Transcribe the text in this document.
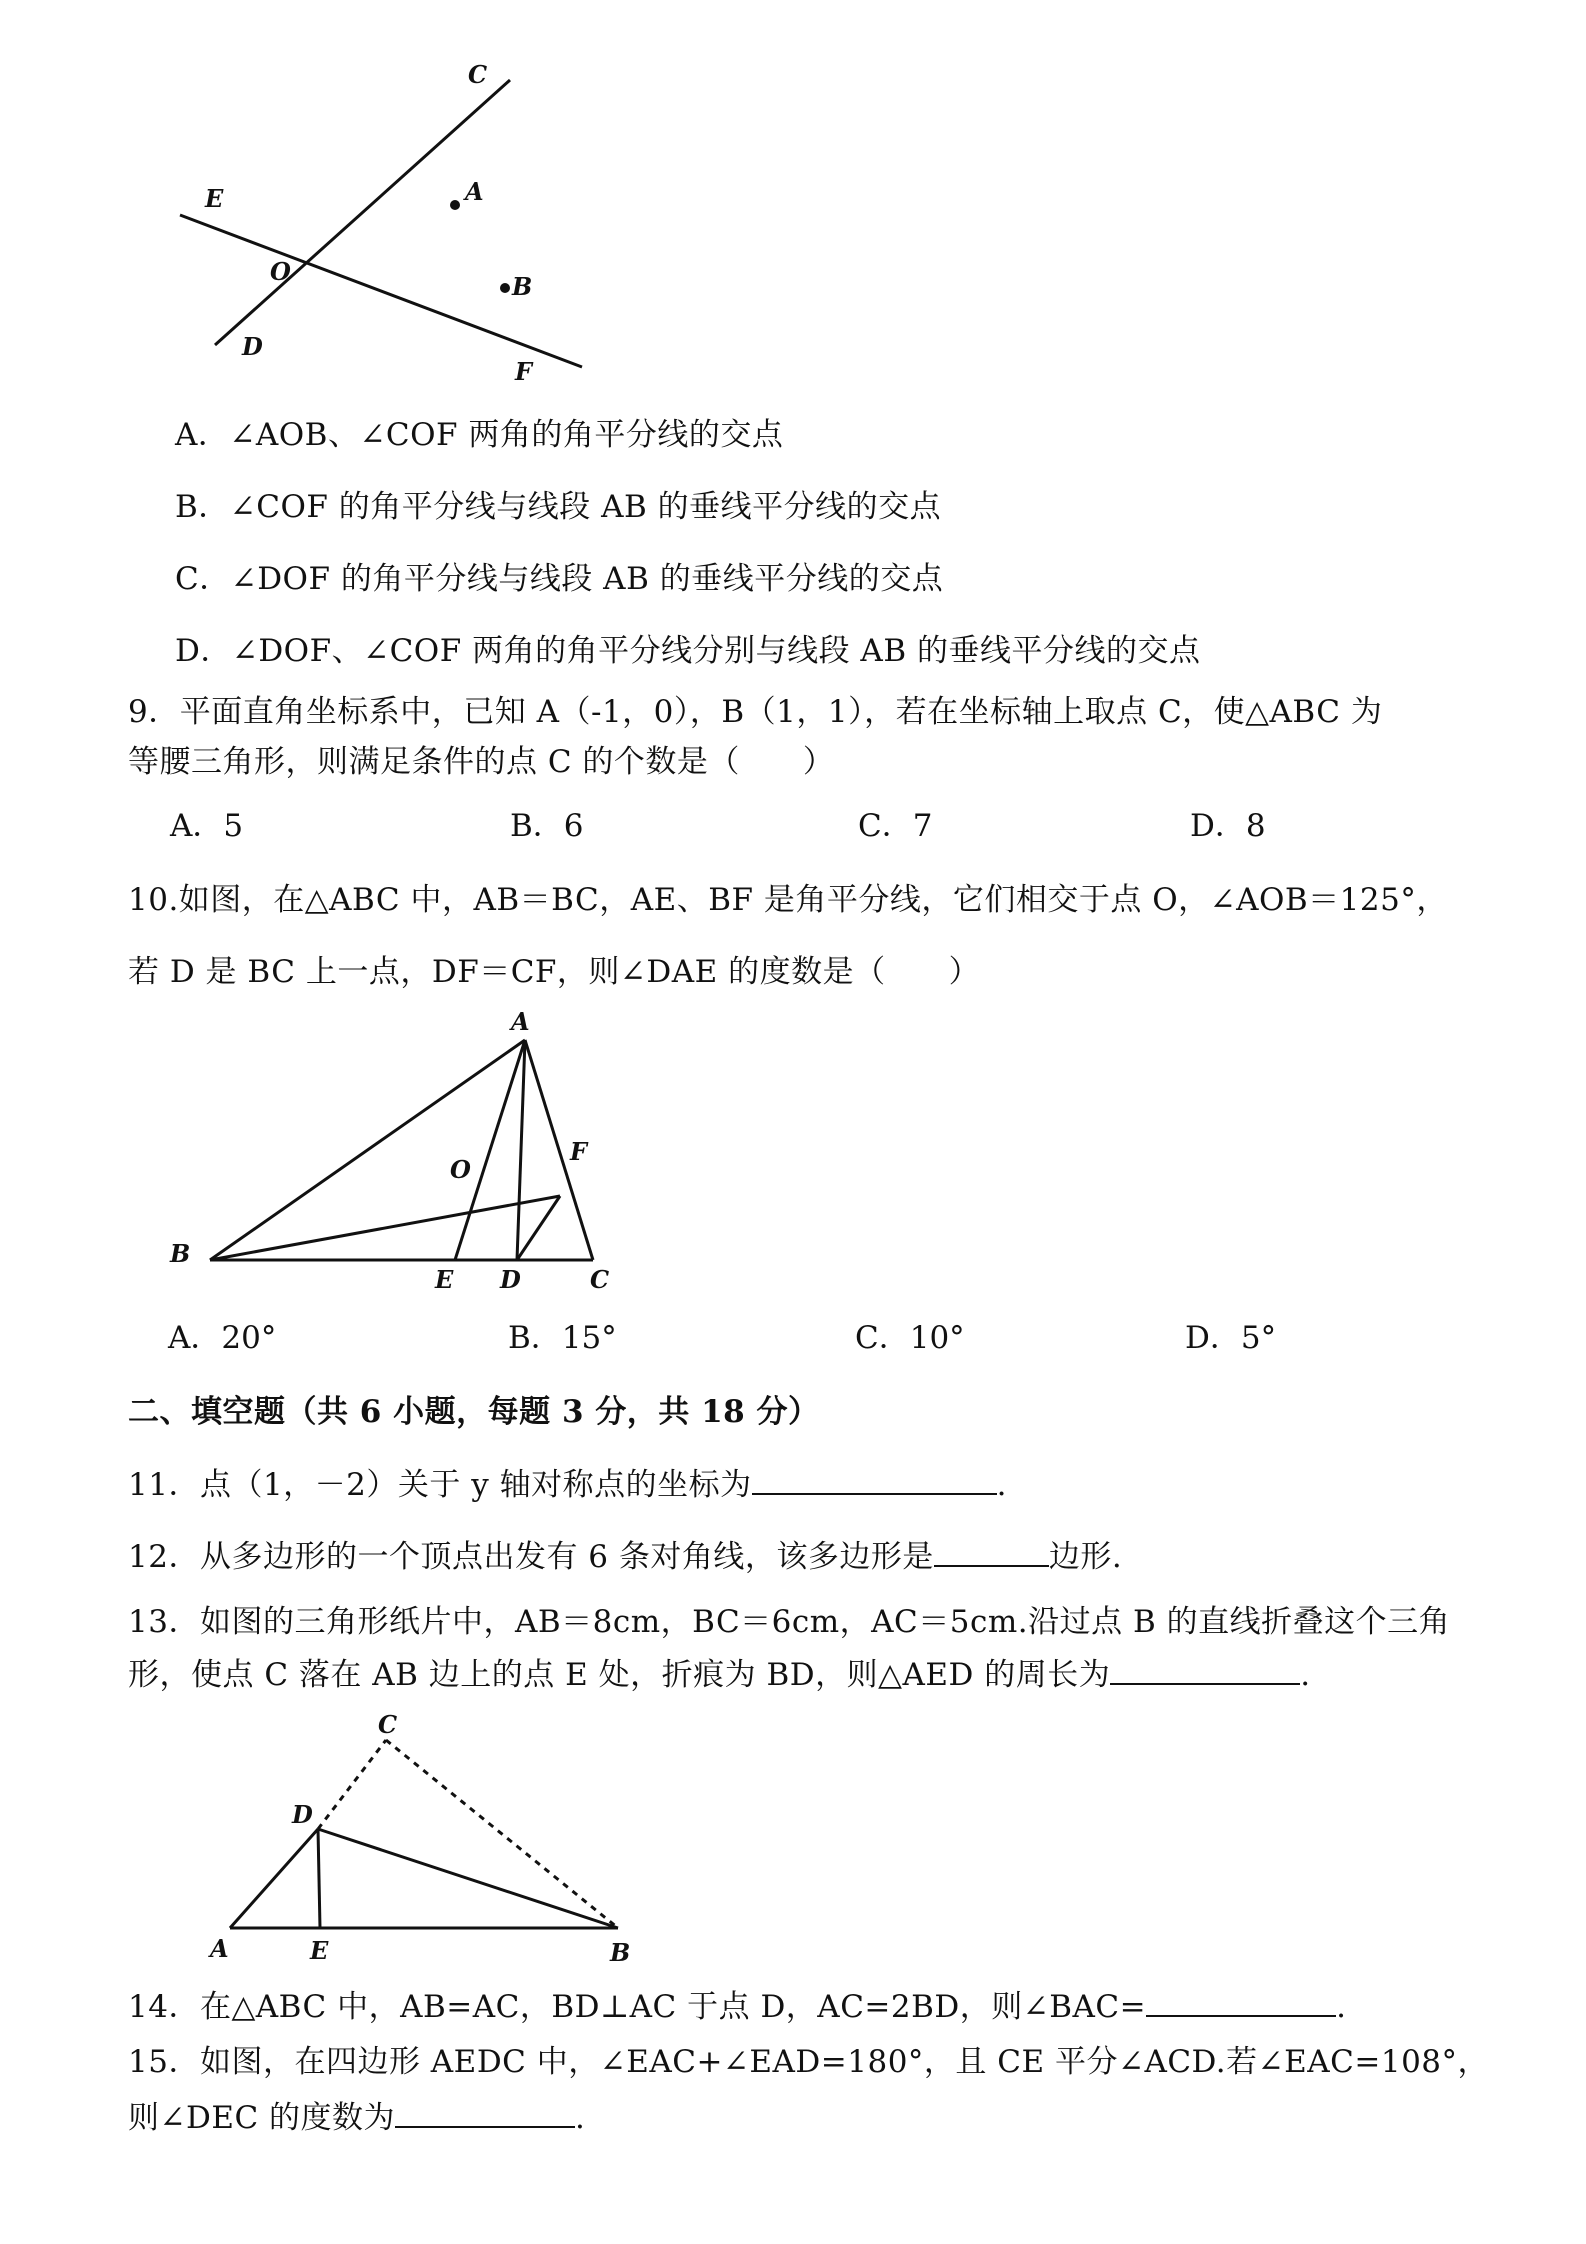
C
E	A
O
B
D
F
A．∠AOB、∠COF 两角的角平分线的交点
B．∠COF 的角平分线与线段 AB 的垂线平分线的交点
C．∠DOF 的角平分线与线段 AB 的垂线平分线的交点
D．∠DOF、∠COF 两角的角平分线分别与线段 AB 的垂线平分线的交点
9．平面直角坐标系中，已知 A（-1，0），B（1，1），若在坐标轴上取点 C，使△ABC 为
等腰三角形，则满足条件的点 C 的个数是（　　）
A．5	B．6	C．7	D．8
10.如图，在△ABC 中，AB＝BC，AE、BF 是角平分线，它们相交于点 O，∠AOB＝125°，
若 D 是 BC 上一点，DF＝CF，则∠DAE 的度数是（　　）
A
O
F
B
E D	C
A．20°	B．15°	C．10°	D．5°
二、填空题（共 6 小题，每题 3 分，共 18 分）
11．点（1，－2）关于 y 轴对称点的坐标为	.
12．从多边形的一个顶点出发有 6 条对角线，该多边形是	边形.
13．如图的三角形纸片中，AB＝8cm，BC＝6cm，AC＝5cm.沿过点 B 的直线折叠这个三角
形，使点 C 落在 AB 边上的点 E 处，折痕为 BD，则△AED 的周长为	.
C
D
A	E	B
14．在△ABC 中，AB=AC，BD⊥AC 于点 D，AC=2BD，则∠BAC=	.
15．如图，在四边形 AEDC 中，∠EAC+∠EAD=180°，且 CE 平分∠ACD.若∠EAC=108°，
则∠DEC 的度数为	.
